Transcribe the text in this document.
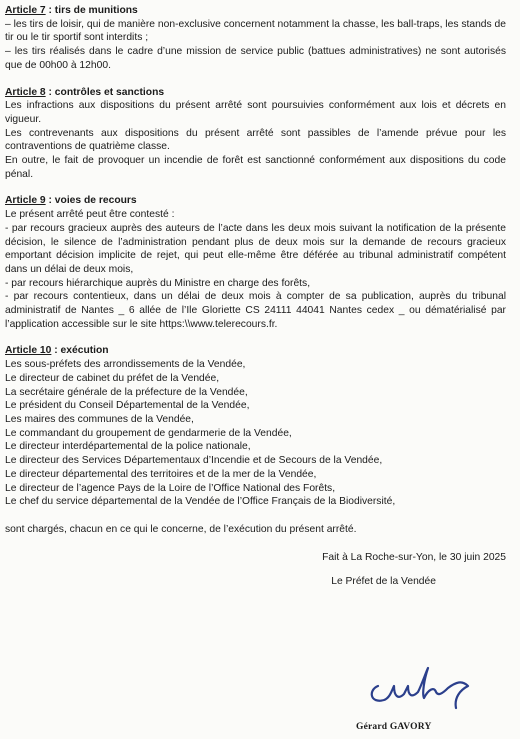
Article 7 : tirs de munitions

– les tirs de loisir, qui de manière non-exclusive concernent notamment la chasse, les ball-traps, les stands de tir ou le tir sportif sont interdits ;

– les tirs réalisés dans le cadre d’une mission de service public (battues administratives) ne sont autorisés que de 00h00 à 12h00.

Article 8 : contrôles et sanctions

Les infractions aux dispositions du présent arrêté sont poursuivies conformément aux lois et décrets en vigueur.

Les contrevenants aux dispositions du présent arrêté sont passibles de l’amende prévue pour les contraventions de quatrième classe.

En outre, le fait de provoquer un incendie de forêt est sanctionné conformément aux dispositions du code pénal.

Article 9 : voies de recours

Le présent arrêté peut être contesté :

- par recours gracieux auprès des auteurs de l’acte dans les deux mois suivant la notification de la présente décision, le silence de l’administration pendant plus de deux mois sur la demande de recours gracieux emportant décision implicite de rejet, qui peut elle-même être déférée au tribunal administratif compétent dans un délai de deux mois,

- par recours hiérarchique auprès du Ministre en charge des forêts,

- par recours contentieux, dans un délai de deux mois à compter de sa publication, auprès du tribunal administratif de Nantes _ 6 allée de l’Ile Gloriette CS 24111 44041 Nantes cedex _ ou dématérialisé par l’application accessible sur le site https:\\www.telerecours.fr.

Article 10 : exécution

Les sous-préfets des arrondissements de la Vendée,
Le directeur de cabinet du préfet de la Vendée,
La secrétaire générale de la préfecture de la Vendée,
Le président du Conseil Départemental de la Vendée,
Les maires des communes de la Vendée,
Le commandant du groupement de gendarmerie de la Vendée,
Le directeur interdépartemental de la police nationale,
Le directeur des Services Départementaux d’Incendie et de Secours de la Vendée,
Le directeur départemental des territoires et de la mer de la Vendée,
Le directeur de l’agence Pays de la Loire de l’Office National des Forêts,
Le chef du service départemental de la Vendée de l’Office Français de la Biodiversité,

sont chargés, chacun en ce qui le concerne, de l’exécution du présent arrêté.

Fait à La Roche-sur-Yon, le 30 juin 2025

Le Préfet de la Vendée

Gérard GAVORY
